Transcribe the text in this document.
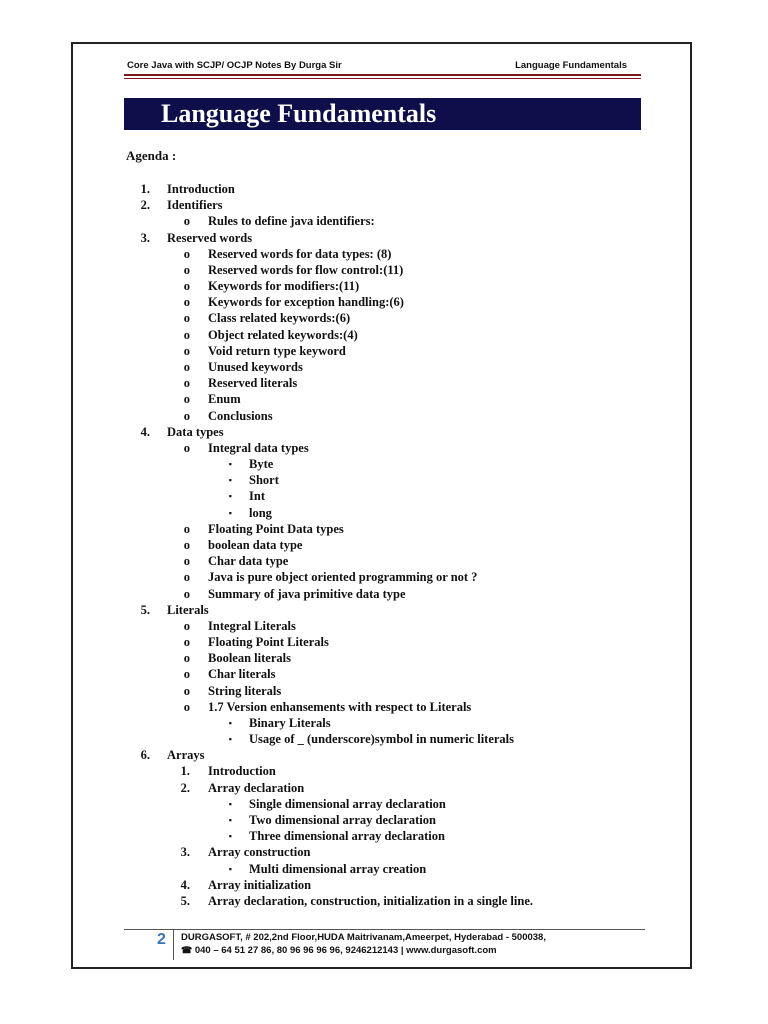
Core Java with SCJP/ OCJP Notes By Durga Sir	Language Fundamentals
Language Fundamentals
Agenda :
1. Introduction
2. Identifiers
o Rules to define java identifiers:
3. Reserved words
o Reserved words for data types: (8)
o Reserved words for flow control:(11)
o Keywords for modifiers:(11)
o Keywords for exception handling:(6)
o Class related keywords:(6)
o Object related keywords:(4)
o Void return type keyword
o Unused keywords
o Reserved literals
o Enum
o Conclusions
4. Data types
o Integral data types
▪ Byte
▪ Short
▪ Int
▪ long
o Floating Point Data types
o boolean data type
o Char data type
o Java is pure object oriented programming or not ?
o Summary of java primitive data type
5. Literals
o Integral Literals
o Floating Point Literals
o Boolean literals
o Char literals
o String literals
o 1.7 Version enhansements with respect to Literals
▪ Binary Literals
▪ Usage of _ (underscore)symbol in numeric literals
6. Arrays
1. Introduction
2. Array declaration
▪ Single dimensional array declaration
▪ Two dimensional array declaration
▪ Three dimensional array declaration
3. Array construction
▪ Multi dimensional array creation
4. Array initialization
5. Array declaration, construction, initialization in a single line.
2 DURGASOFT, # 202,2nd Floor,HUDA Maitrivanam,Ameerpet, Hyderabad - 500038,
☎ 040 – 64 51 27 86, 80 96 96 96 96, 9246212143 | www.durgasoft.com
